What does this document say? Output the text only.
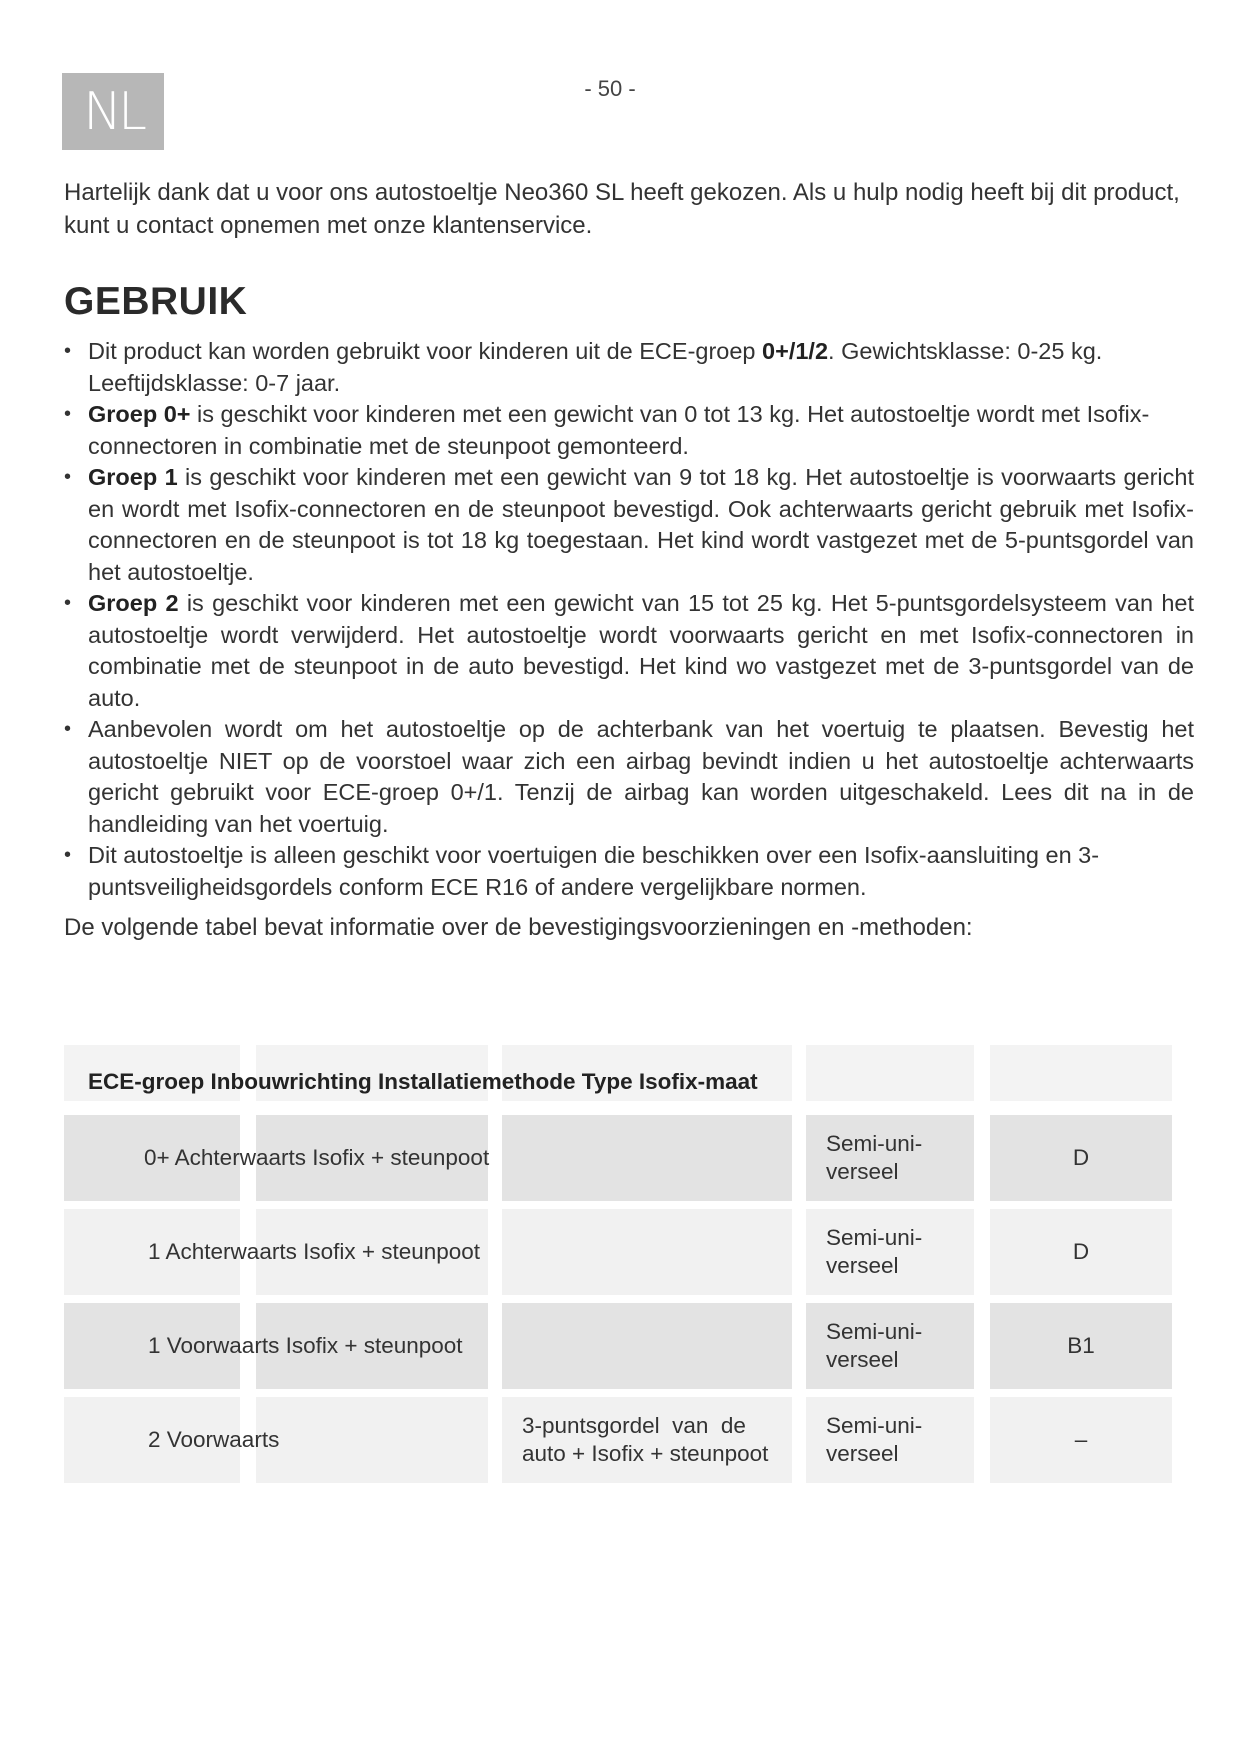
NL	- 50 -

Hartelijk dank dat u voor ons autostoeltje Neo360 SL heeft gekozen. Als u hulp nodig heeft bij dit product, kunt u contact opnemen met onze klantenservice.

GEBRUIK
• Dit product kan worden gebruikt voor kinderen uit de ECE-groep 0+/1/2. Gewichtsklasse: 0-25 kg. Leeftijdsklasse: 0-7 jaar.
• Groep 0+ is geschikt voor kinderen met een gewicht van 0 tot 13 kg. Het autostoeltje wordt met Isofix-connectoren in combinatie met de steunpoot gemonteerd.
• Groep 1 is geschikt voor kinderen met een gewicht van 9 tot 18 kg. Het autostoeltje is voorwaarts gericht en wordt met Isofix-connectoren en de steunpoot bevestigd. Ook achterwaarts gericht gebruik met Isofix-connectoren en de steunpoot is tot 18 kg toegestaan. Het kind wordt vastgezet met de 5-puntsgordel van het autostoeltje.
• Groep 2 is geschikt voor kinderen met een gewicht van 15 tot 25 kg. Het 5-puntsgordelsysteem van het autostoeltje wordt verwijderd. Het autostoeltje wordt voorwaarts gericht en met Isofix-connectoren in combinatie met de steunpoot in de auto bevestigd. Het kind wo vastgezet met de 3-puntsgordel van de auto.
• Aanbevolen wordt om het autostoeltje op de achterbank van het voertuig te plaatsen. Bevestig het autostoeltje NIET op de voorstoel waar zich een airbag bevindt indien u het autostoeltje achterwaarts gericht gebruikt voor ECE-groep 0+/1. Tenzij de airbag kan worden uitgeschakeld. Lees dit na in de handleiding van het voertuig.
• Dit autostoeltje is alleen geschikt voor voertuigen die beschikken over een Isofix-aansluiting en 3-puntsveiligheidsgordels conform ECE R16 of andere vergelijkbare normen.

De volgende tabel bevat informatie over de bevestigingsvoorzieningen en -methoden:

ECE-groep Inbouwrichting Installatiemethode Type Isofix-maat
0+ Achterwaarts Isofix + steunpoot
Semi-uni-
verseel
D
1 Achterwaarts Isofix + steunpoot
Semi-uni-
verseel
D
1 Voorwaarts Isofix + steunpoot
Semi-uni-
verseel
B1
2 Voorwaarts
3-puntsgordel  van  de
auto + Isofix + steunpoot
Semi-uni-
verseel
–
